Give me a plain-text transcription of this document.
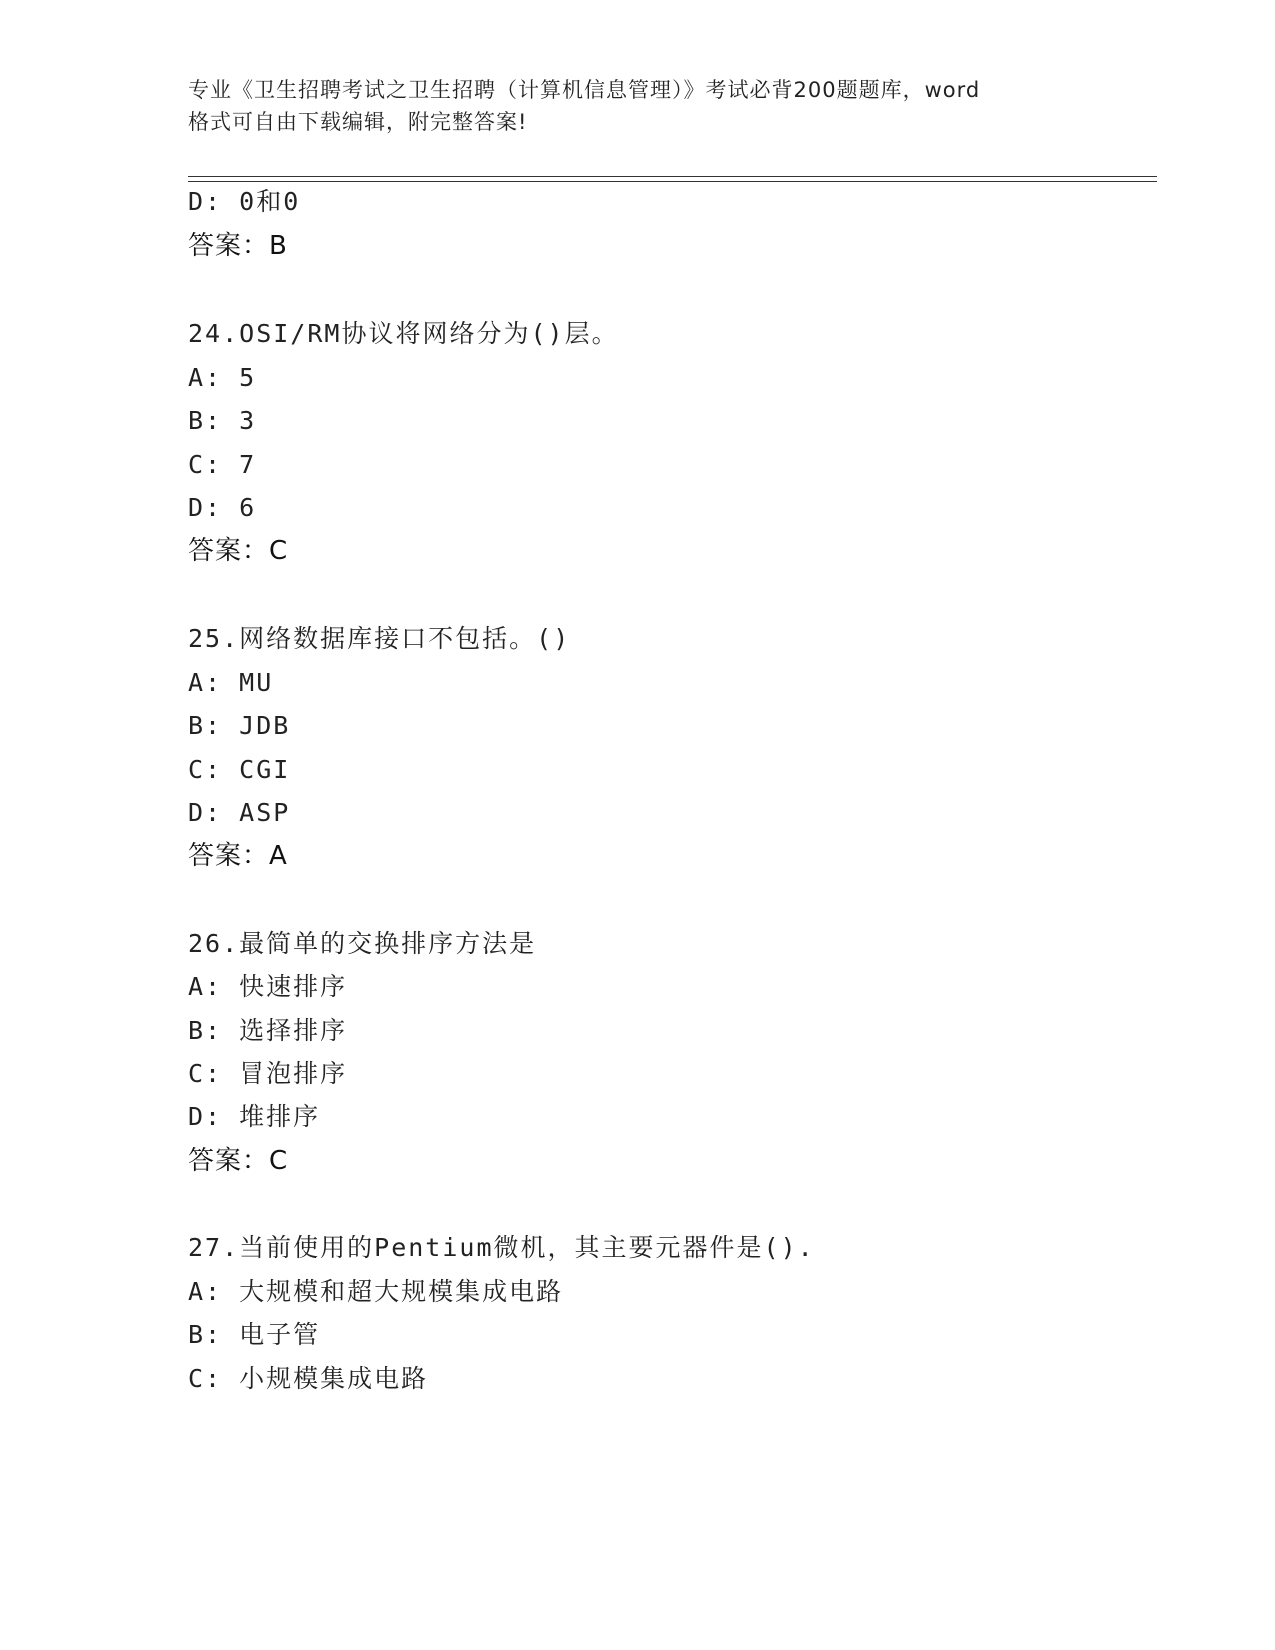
专业《卫生招聘考试之卫生招聘（计算机信息管理）》考试必背200题题库，word
格式可自由下载编辑，附完整答案!
D: 0和0
答案：B
24.OSI/RM协议将网络分为()层。
A: 5
B: 3
C: 7
D: 6
答案：C
25.网络数据库接口不包括。()
A: MU
B: JDB
C: CGI
D: ASP
答案：A
26.最简单的交换排序方法是
A: 快速排序
B: 选择排序
C: 冒泡排序
D: 堆排序
答案：C
27.当前使用的Pentium微机，其主要元器件是().
A: 大规模和超大规模集成电路
B: 电子管
C: 小规模集成电路
